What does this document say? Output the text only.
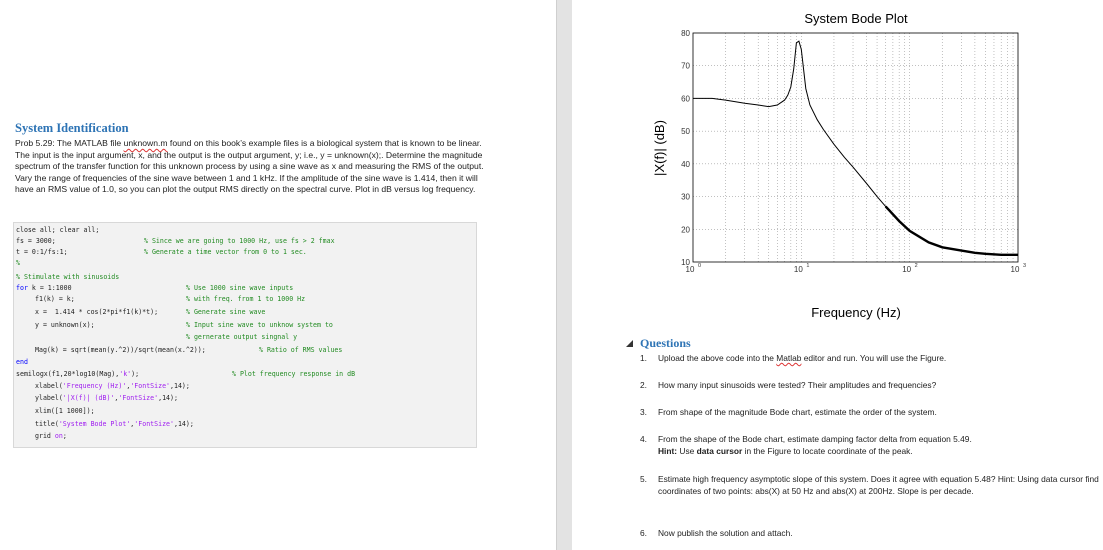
System Identification
Prob 5.29: The MATLAB file unknown.m found on this book’s example files is a biological system that is known to be linear. The input is the input argument, x, and the output is the output argument, y; i.e., y = unknown(x);. Determine the magnitude spectrum of the transfer function for this unknown process by using a sine wave as x and measuring the RMS of the output. Vary the range of frequencies of the sine wave between 1 and 1 kHz. If the amplitude of the sine wave is 1.414, then it will have an RMS value of 1.0, so you can plot the output RMS directly on the spectral curve. Plot in dB versus log frequency.
close all; clear all;
fs = 3000;	% Since we are going to 1000 Hz, use fs > 2 fmax
t = 0:1/fs:1;	% Generate a time vector from 0 to 1 sec.
%
% Stimulate with sinusoids
for k = 1:1000	% Use 1000 sine wave inputs
f1(k) = k;	% with freq. from 1 to 1000 Hz
x =  1.414 * cos(2*pi*f1(k)*t);	% Generate sine wave
y = unknown(x);	% Input sine wave to unknow system to
% gernerate output singnal y
Mag(k) = sqrt(mean(y.^2))/sqrt(mean(x.^2));	% Ratio of RMS values
end
semilogx(f1,20*log10(Mag),'k');	% Plot frequency response in dB
xlabel('Frequency (Hz)','FontSize',14);
ylabel('|X(f)| (dB)','FontSize',14);
xlim([1 1000]);
title('System Bode Plot','FontSize',14);
grid on;
10
20
30
40
50
60
70
80
10 0	10 1	10 2	10 3
System Bode Plot
Frequency (Hz)
|X(f)| (dB)
Questions
1. Upload the above code into the Matlab editor and run. You will use the Figure.
2. How many input sinusoids were tested? Their amplitudes and frequencies?
3. From shape of the magnitude Bode chart, estimate the order of the system.
4. From the shape of the Bode chart, estimate damping factor delta from equation 5.49.
Hint: Use data cursor in the Figure to locate coordinate of the peak.
5. Estimate high frequency asymptotic slope of this system. Does it agree with equation 5.48? Hint: Using data cursor find coordinates of two points: abs(X) at 50 Hz and abs(X) at 200Hz. Slope is per decade.
6. Now publish the solution and attach.
